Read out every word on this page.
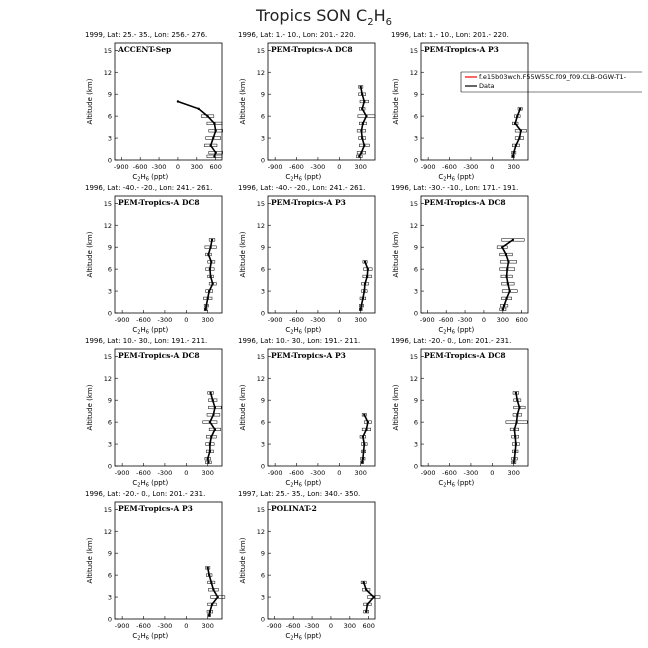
Tropics SON $C_2H_6$
1999, Lat: 25.- 35., Lon: 256.- 276.
ACCENT-Sep
0
3
6
9
12
15
-900 -600 -300 0 300 600
$C_2H_6$ (ppt)
Altitude (km)
1996, Lat: 1.- 10., Lon: 201.- 220.
PEM-Tropics-A DC8
0
3
6
9
12
15
-900 -600 -300 0 300
$C_2H_6$ (ppt)
Altitude (km)
1996, Lat: 1.- 10., Lon: 201.- 220.
PEM-Tropics-A P3
0
3
6
9
12
15
-900 -600 -300 0 300
$C_2H_6$ (ppt)
Altitude (km)
f.e15b03wch.F55W55C.f09_f09.CLB-OGW-T1-
Data
1996, Lat: -40.- -20., Lon: 241.- 261.
PEM-Tropics-A DC8
0
3
6
9
12
15
-900 -600 -300 0 300
$C_2H_6$ (ppt)
Altitude (km)
1996, Lat: -40.- -20., Lon: 241.- 261.
PEM-Tropics-A P3
0
3
6
9
12
15
-900 -600 -300 0 300
$C_2H_6$ (ppt)
Altitude (km)
1996, Lat: -30.- -10., Lon: 171.- 191.
PEM-Tropics-A DC8
0
3
6
9
12
15
-900 -600 -300 0 300 600
$C_2H_6$ (ppt)
Altitude (km)
1996, Lat: 10.- 30., Lon: 191.- 211.
PEM-Tropics-A DC8
0
3
6
9
12
15
-900 -600 -300 0 300
$C_2H_6$ (ppt)
Altitude (km)
1996, Lat: 10.- 30., Lon: 191.- 211.
PEM-Tropics-A P3
0
3
6
9
12
15
-900 -600 -300 0 300
$C_2H_6$ (ppt)
Altitude (km)
1996, Lat: -20.- 0., Lon: 201.- 231.
PEM-Tropics-A DC8
0
3
6
9
12
15
-900 -600 -300 0 300
$C_2H_6$ (ppt)
Altitude (km)
1996, Lat: -20.- 0., Lon: 201.- 231.
PEM-Tropics-A P3
0
3
6
9
12
15
-900 -600 -300 0 300
$C_2H_6$ (ppt)
Altitude (km)
1997, Lat: 25.- 35., Lon: 340.- 350.
POLINAT-2
0
3
6
9
12
15
-900 -600 -300 0 300 600
$C_2H_6$ (ppt)
Altitude (km)
